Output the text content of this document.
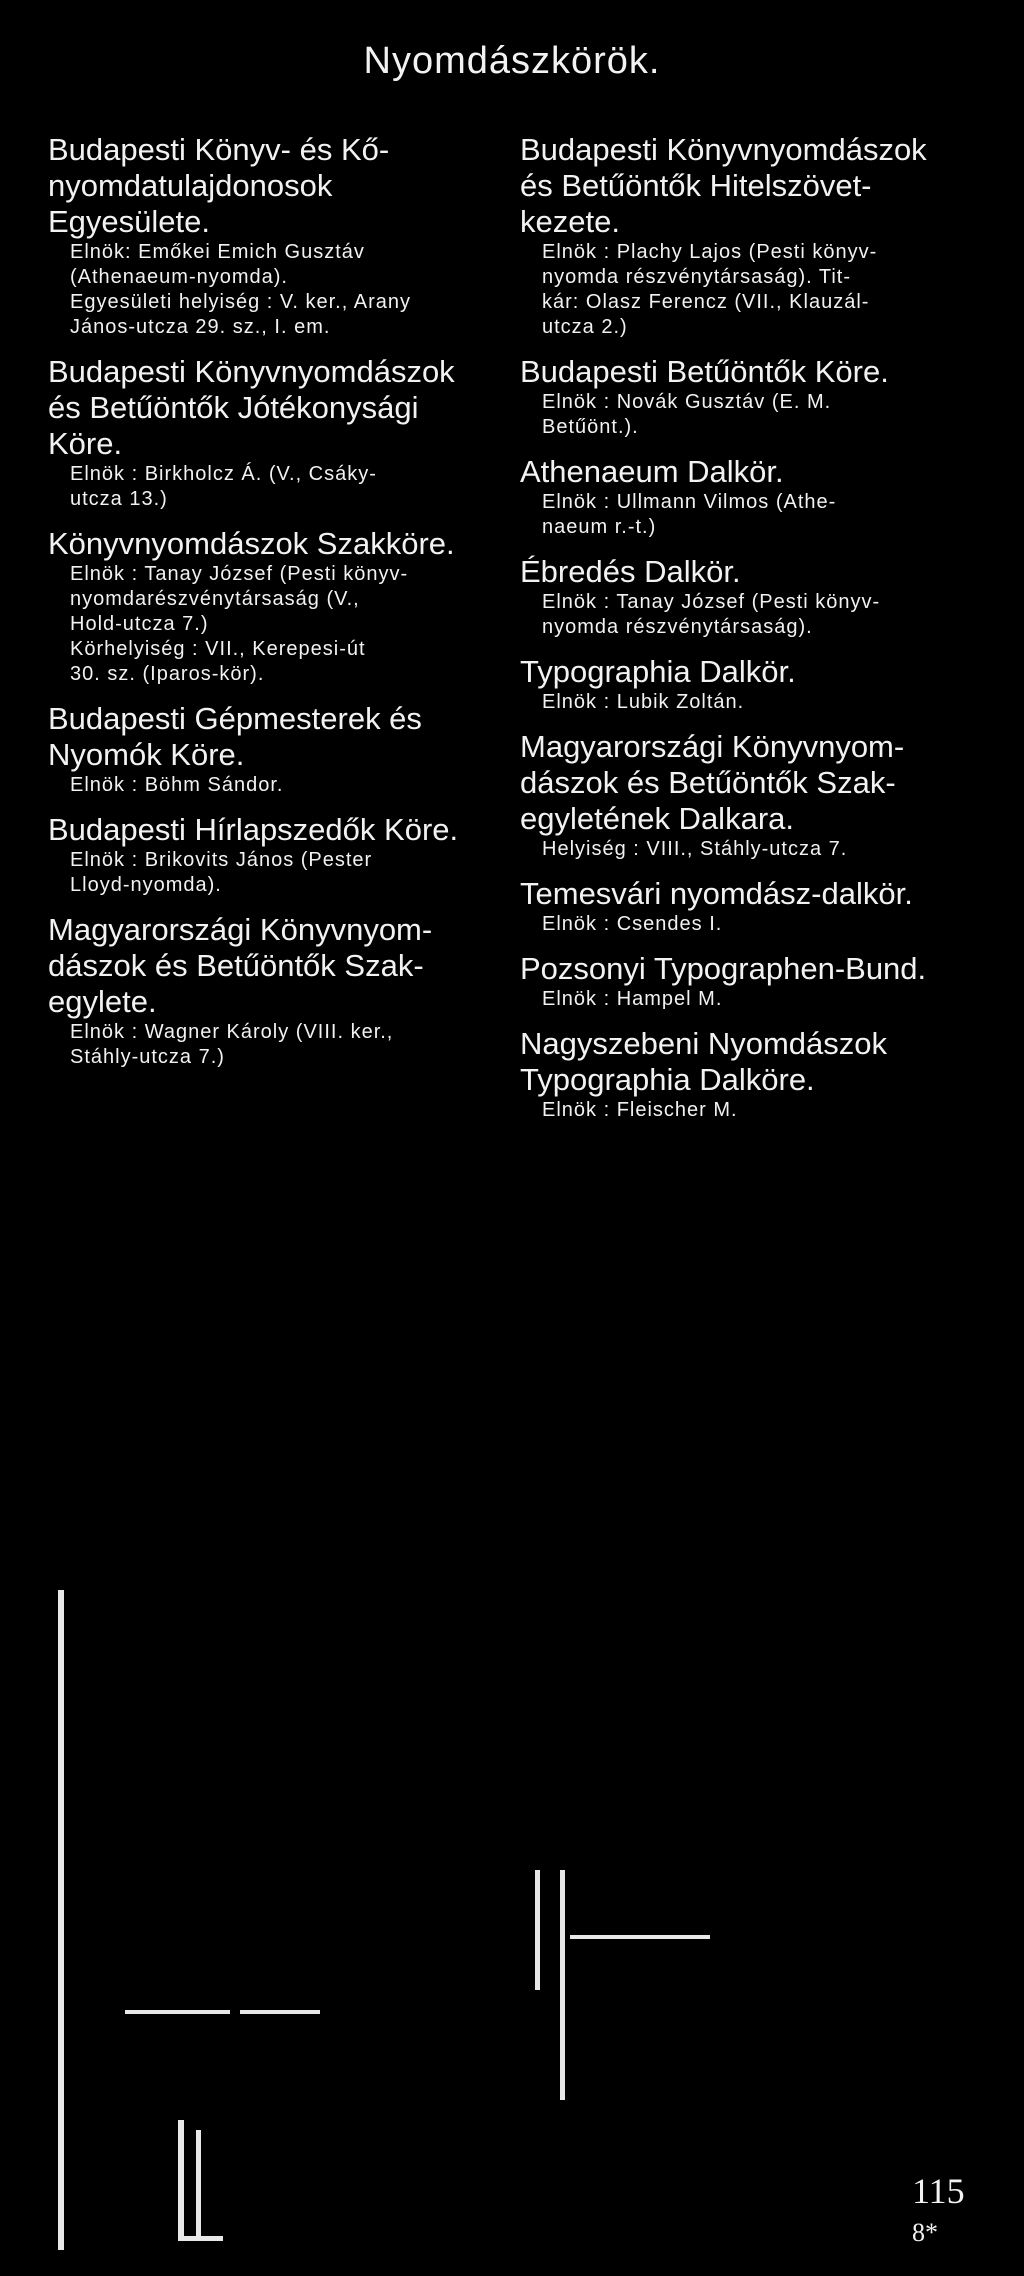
Nyomdászkörök.
Budapesti Könyv- és Kő-
nyomdatulajdonosok
Egyesülete.
Elnök: Emőkei Emich Gusztáv
(Athenaeum-nyomda).
Egyesületi helyiség : V. ker., Arany
János-utcza 29. sz., I. em.
Budapesti Könyvnyomdászok
és Betűöntők Jótékonysági
Köre.
Elnök : Birkholcz Á. (V., Csáky-
utcza 13.)
Könyvnyomdászok Szakköre.
Elnök : Tanay József (Pesti könyv-
nyomdarészvénytársaság (V.,
Hold-utcza 7.)
Körhelyiség : VII., Kerepesi-út
30. sz. (Iparos-kör).
Budapesti Gépmesterek és
Nyomók Köre.
Elnök : Böhm Sándor.
Budapesti Hírlapszedők Köre.
Elnök : Brikovits János (Pester
Lloyd-nyomda).
Magyarországi Könyvnyom-
dászok és Betűöntők Szak-
egylete.
Elnök : Wagner Károly (VIII. ker.,
Stáhly-utcza 7.)
Budapesti Könyvnyomdászok
és Betűöntők Hitelszövet-
kezete.
Elnök : Plachy Lajos (Pesti könyv-
nyomda részvénytársaság). Tit-
kár: Olasz Ferencz (VII., Klauzál-
utcza 2.)
Budapesti Betűöntők Köre.
Elnök : Novák Gusztáv (E. M.
Betűönt.).
Athenaeum Dalkör.
Elnök : Ullmann Vilmos (Athe-
naeum r.-t.)
Ébredés Dalkör.
Elnök : Tanay József (Pesti könyv-
nyomda részvénytársaság).
Typographia Dalkör.
Elnök : Lubik Zoltán.
Magyarországi Könyvnyom-
dászok és Betűöntők Szak-
egyletének Dalkara.
Helyiség : VIII., Stáhly-utcza 7.
Temesvári nyomdász-dalkör.
Elnök : Csendes I.
Pozsonyi Typographen-Bund.
Elnök : Hampel M.
Nagyszebeni Nyomdászok
Typographia Dalköre.
Elnök : Fleischer M.
115
8*
